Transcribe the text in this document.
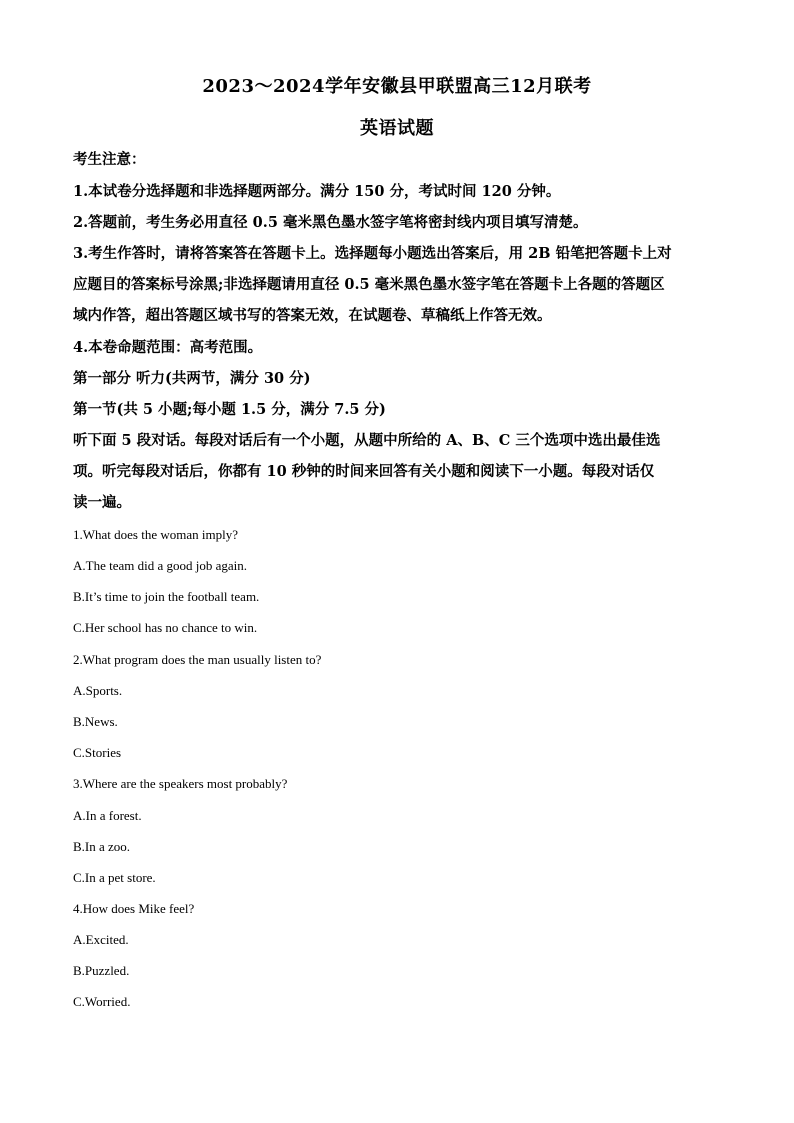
2023～2024学年安徽县甲联盟高三12月联考
英语试题
考生注意：
1.本试卷分选择题和非选择题两部分。满分 150 分，考试时间 120 分钟。
2.答题前，考生务必用直径 0.5 毫米黑色墨水签字笔将密封线内项目填写清楚。
3.考生作答时，请将答案答在答题卡上。选择题每小题选出答案后，用 2B 铅笔把答题卡上对
应题目的答案标号涂黑;非选择题请用直径 0.5 毫米黑色墨水签字笔在答题卡上各题的答题区
域内作答，超出答题区域书写的答案无效，在试题卷、草稿纸上作答无效。
4.本卷命题范围：高考范围。
第一部分 听力(共两节，满分 30 分)
第一节(共 5 小题;每小题 1.5 分，满分 7.5 分)
听下面 5 段对话。每段对话后有一个小题，从题中所给的 A、B、C 三个选项中选出最佳选
项。听完每段对话后，你都有 10 秒钟的时间来回答有关小题和阅读下一小题。每段对话仅
读一遍。
1.What does the woman imply?
A.The team did a good job again.
B.It’s time to join the football team.
C.Her school has no chance to win.
2.What program does the man usually listen to?
A.Sports.
B.News.
C.Stories
3.Where are the speakers most probably?
A.In a forest.
B.In a zoo.
C.In a pet store.
4.How does Mike feel?
A.Excited.
B.Puzzled.
C.Worried.
